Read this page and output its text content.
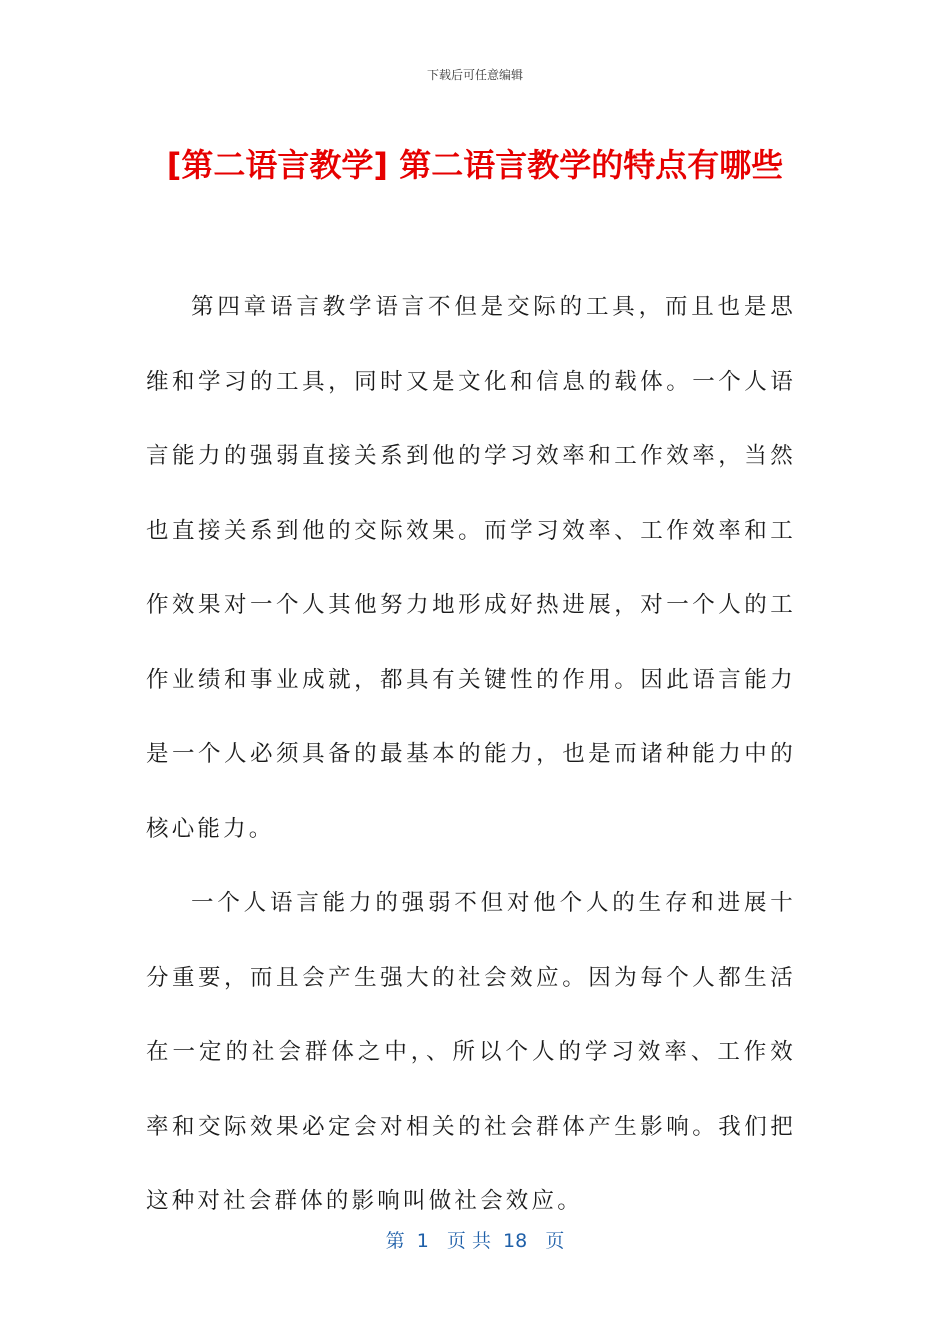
下载后可任意编辑
[第二语言教学] 第二语言教学的特点有哪些

第四章语言教学语言不但是交际的工具，而且也是思维和学习的工具，同时又是文化和信息的载体。一个人语言能力的强弱直接关系到他的学习效率和工作效率，当然也直接关系到他的交际效果。而学习效率、工作效率和工作效果对一个人其他努力地形成好热进展，对一个人的工作业绩和事业成就，都具有关键性的作用。因此语言能力是一个人必须具备的最基本的能力，也是而诸种能力中的核心能力。

一个人语言能力的强弱不但对他个人的生存和进展十分重要，而且会产生强大的社会效应。因为每个人都生活在一定的社会群体之中，、所以个人的学习效率、工作效率和交际效果必定会对相关的社会群体产生影响。我们把这种对社会群体的影响叫做社会效应。

第  1   页 共  18   页
